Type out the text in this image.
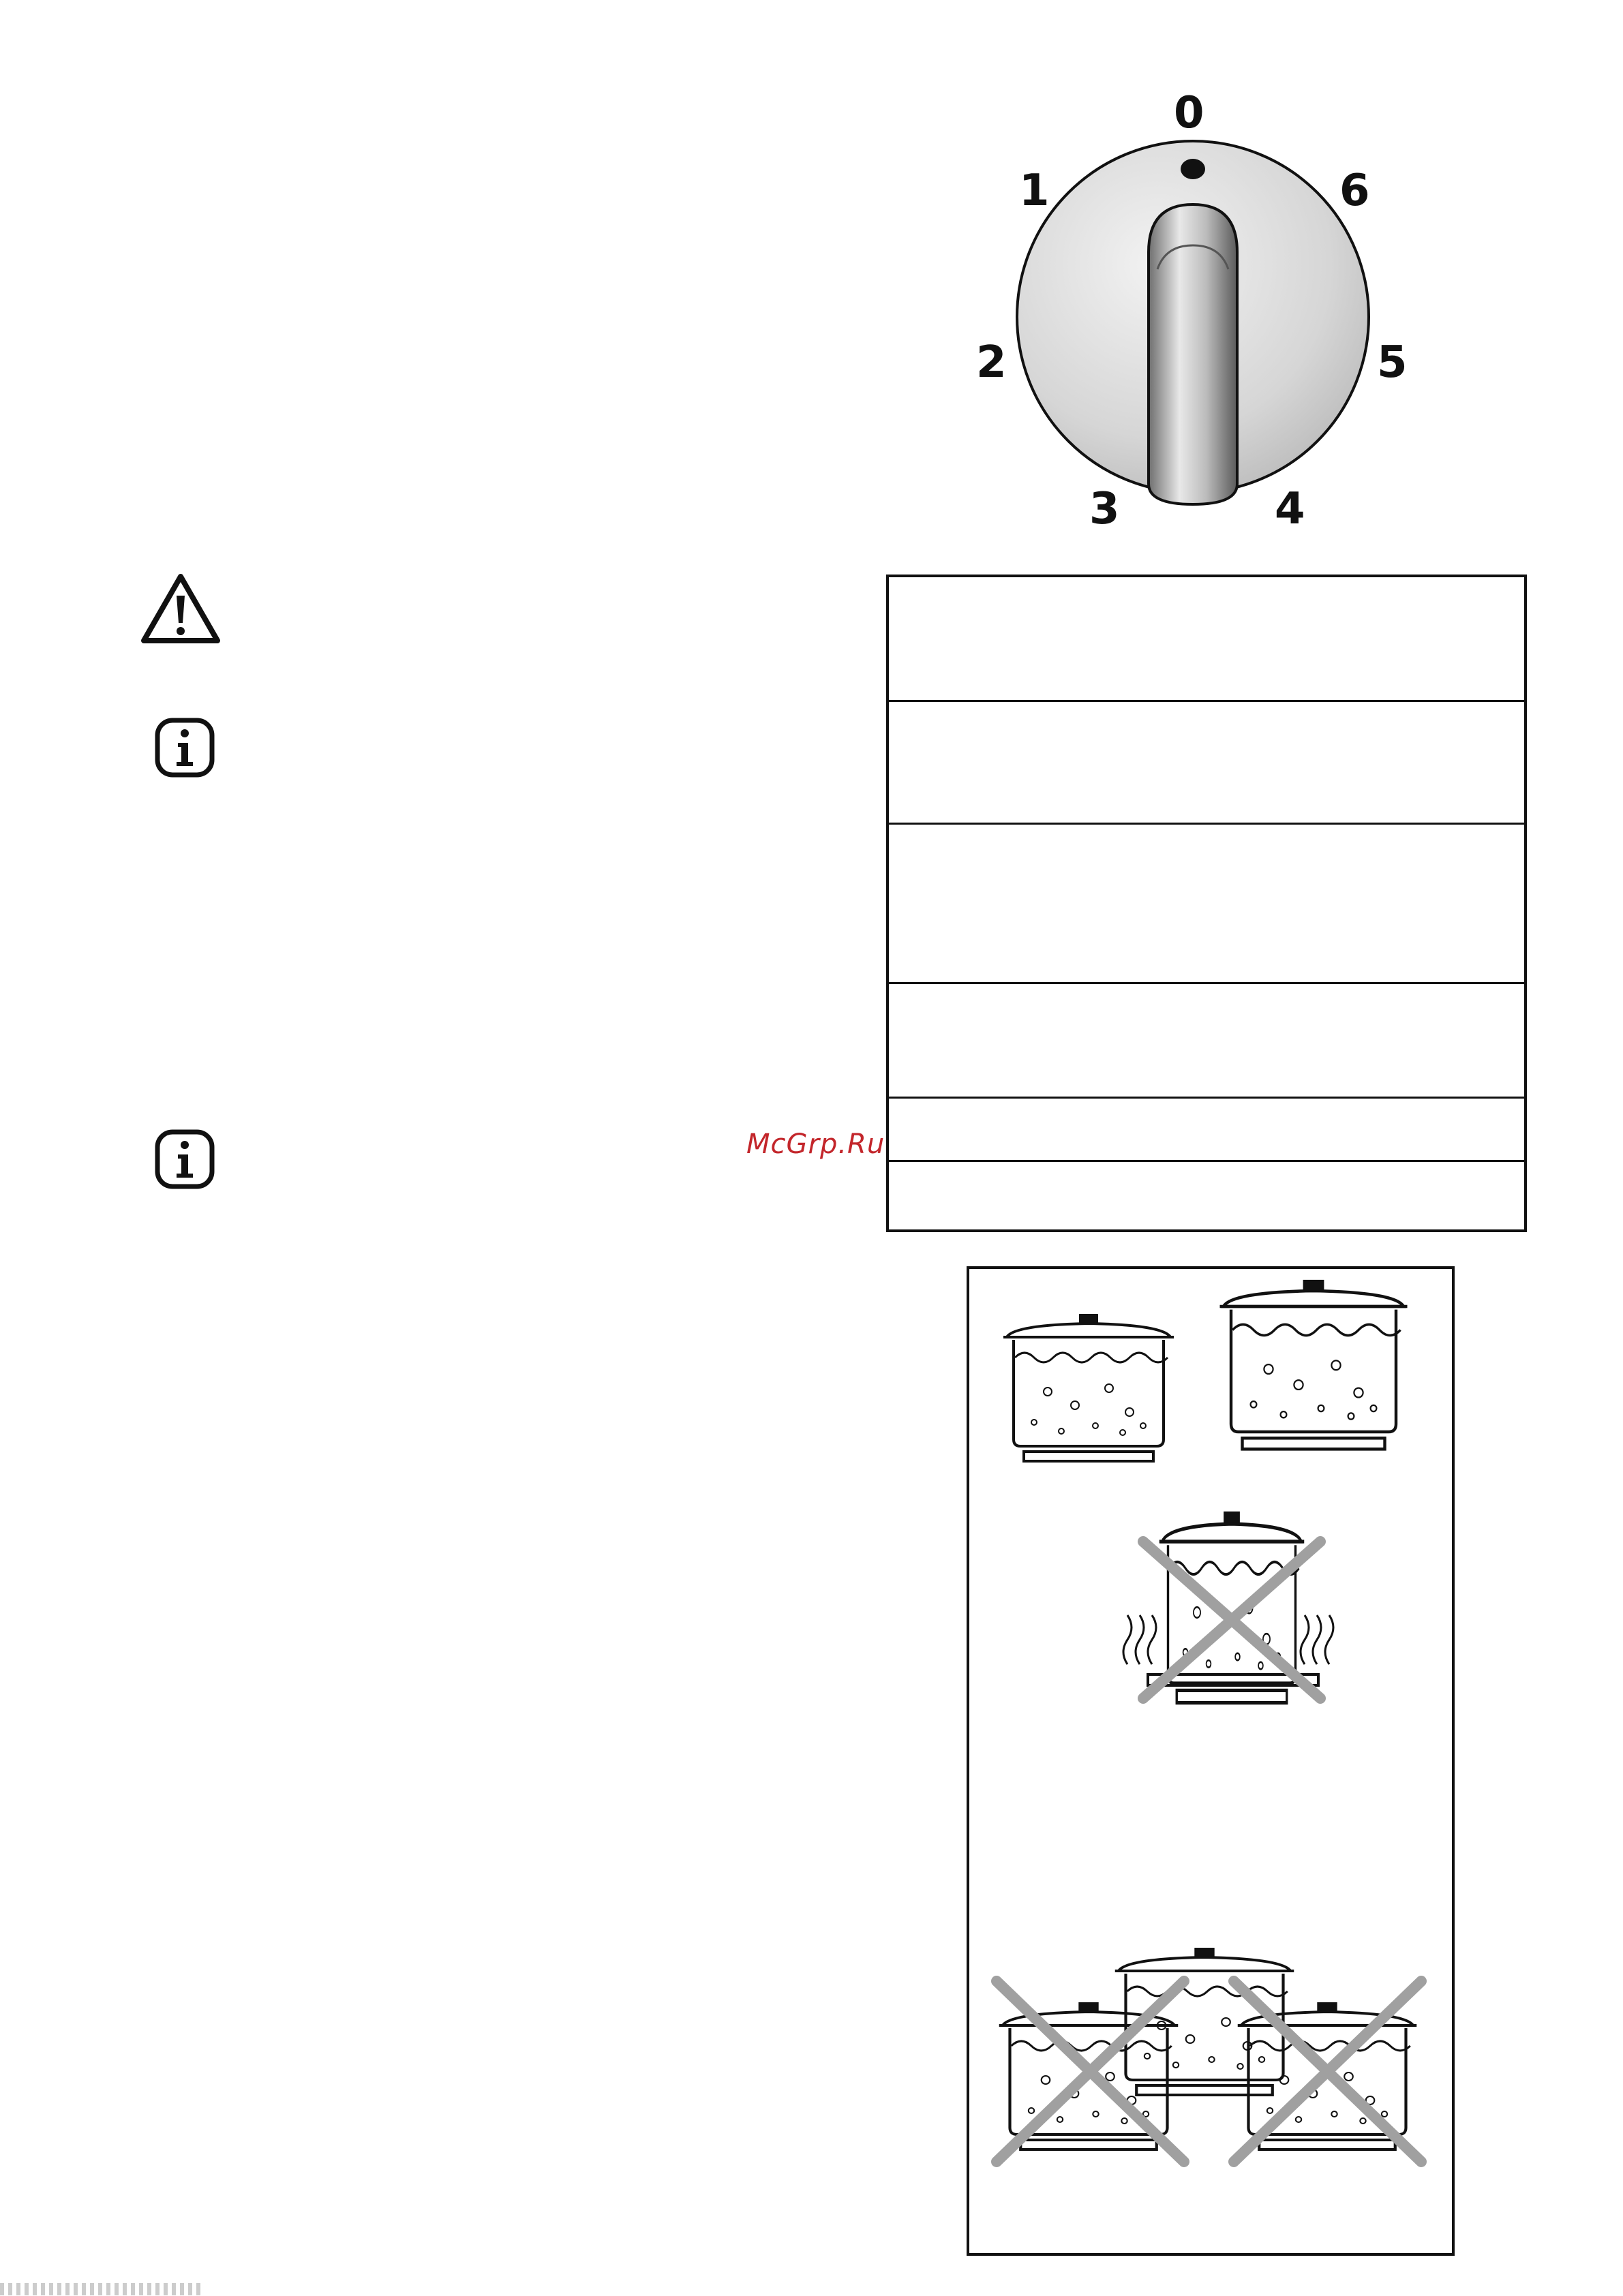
0
1
2
3	4
5
6
McGrp.Ru
